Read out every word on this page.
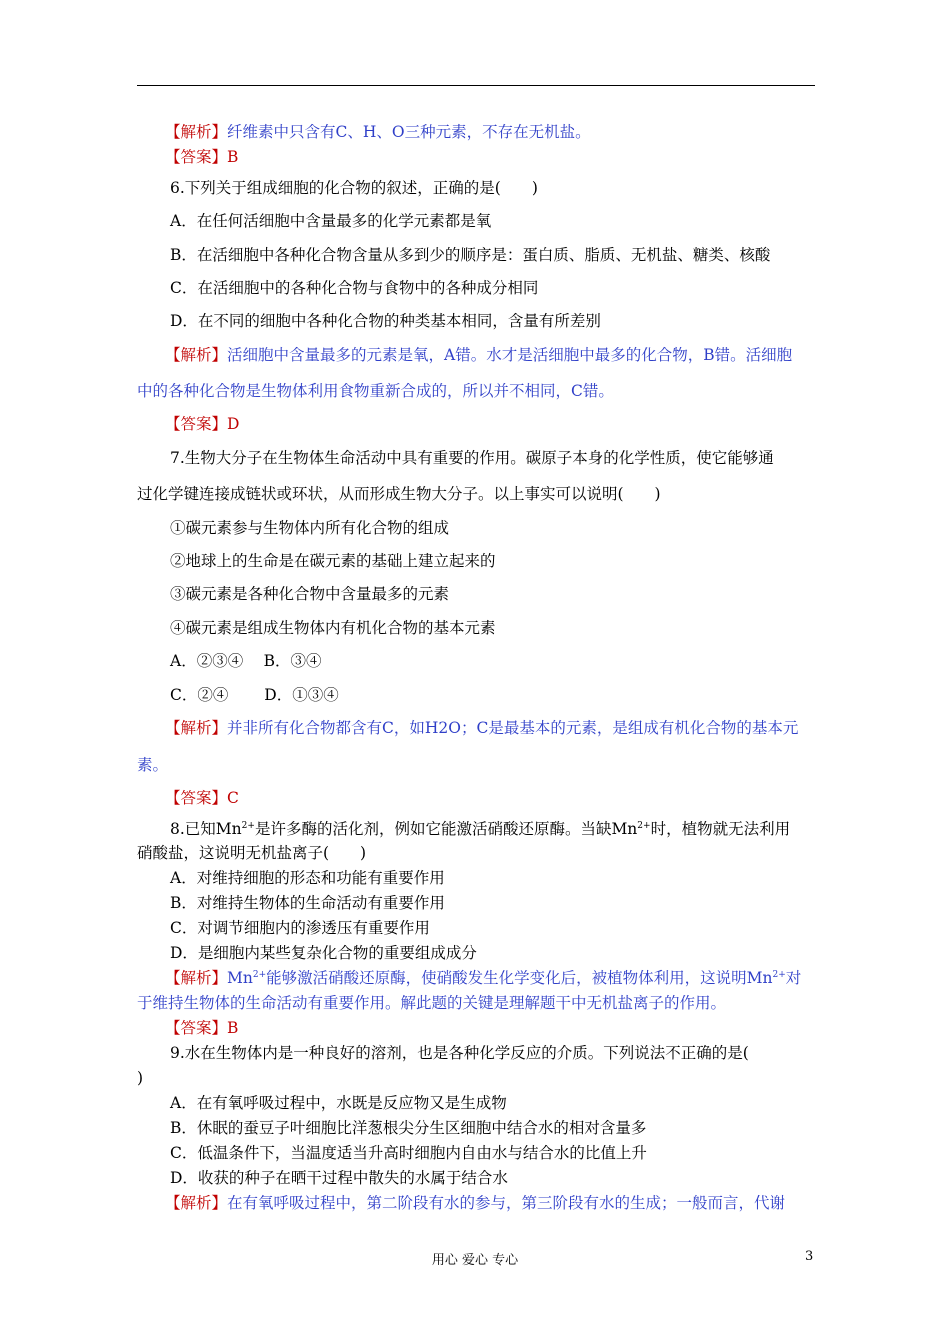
【解析】纤维素中只含有C、H、O三种元素，不存在无机盐。
【答案】B
6.下列关于组成细胞的化合物的叙述，正确的是(　　)
A．在任何活细胞中含量最多的化学元素都是氧
B．在活细胞中各种化合物含量从多到少的顺序是：蛋白质、脂质、无机盐、糖类、核酸
C．在活细胞中的各种化合物与食物中的各种成分相同
D．在不同的细胞中各种化合物的种类基本相同，含量有所差别
【解析】活细胞中含量最多的元素是氧，A错。水才是活细胞中最多的化合物，B错。活细胞
中的各种化合物是生物体利用食物重新合成的，所以并不相同，C错。
【答案】D
7.生物大分子在生物体生命活动中具有重要的作用。碳原子本身的化学性质，使它能够通
过化学键连接成链状或环状，从而形成生物大分子。以上事实可以说明(　　)
①碳元素参与生物体内所有化合物的组成
②地球上的生命是在碳元素的基础上建立起来的
③碳元素是各种化合物中含量最多的元素
④碳元素是组成生物体内有机化合物的基本元素
A．②③④　 B．③④
C．②④　　 D．①③④
【解析】并非所有化合物都含有C，如H2O；C是最基本的元素，是组成有机化合物的基本元
素。
【答案】C
8.已知$Mn^{2+}$是许多酶的活化剂，例如它能激活硝酸还原酶。当缺$Mn^{2+}$时，植物就无法利用
硝酸盐，这说明无机盐离子(　　)
A．对维持细胞的形态和功能有重要作用
B．对维持生物体的生命活动有重要作用
C．对调节细胞内的渗透压有重要作用
D．是细胞内某些复杂化合物的重要组成成分
【解析】$Mn^{2+}$能够激活硝酸还原酶，使硝酸发生化学变化后，被植物体利用，这说明$Mn^{2+}$对
于维持生物体的生命活动有重要作用。解此题的关键是理解题干中无机盐离子的作用。
【答案】B
9.水在生物体内是一种良好的溶剂，也是各种化学反应的介质。下列说法不正确的是(
)
A．在有氧呼吸过程中，水既是反应物又是生成物
B．休眠的蚕豆子叶细胞比洋葱根尖分生区细胞中结合水的相对含量多
C．低温条件下，当温度适当升高时细胞内自由水与结合水的比值上升
D．收获的种子在晒干过程中散失的水属于结合水
【解析】在有氧呼吸过程中，第二阶段有水的参与，第三阶段有水的生成；一般而言，代谢
用心 爱心 专心	3
